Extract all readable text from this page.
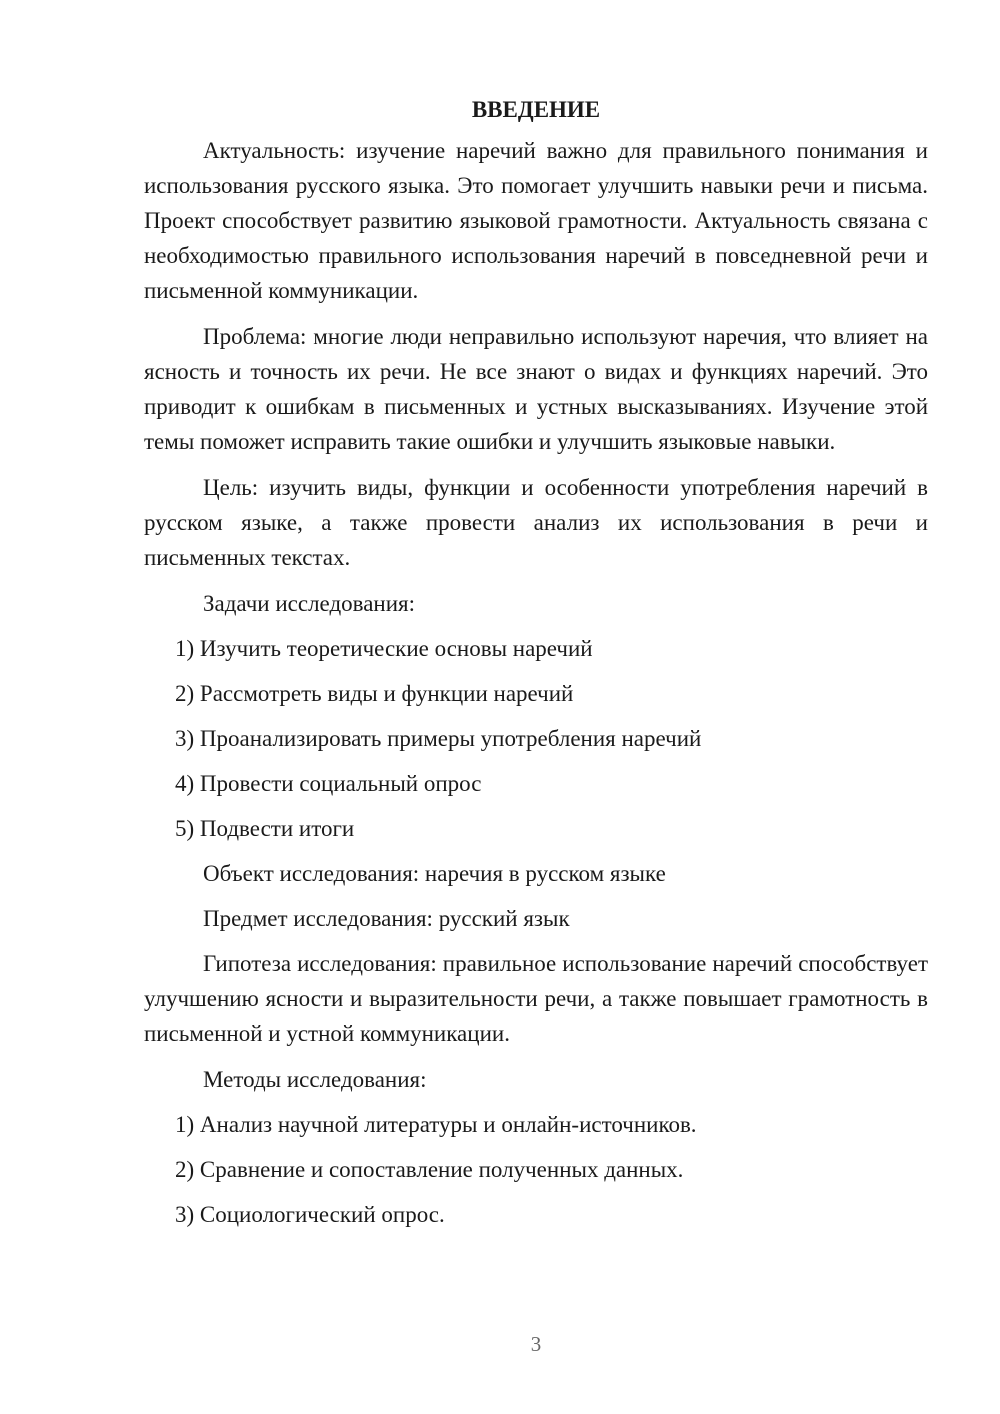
ВВЕДЕНИЕ

Актуальность: изучение наречий важно для правильного понимания и использования русского языка. Это помогает улучшить навыки речи и письма. Проект способствует развитию языковой грамотности. Актуальность связана с необходимостью правильного использования наречий в повседневной речи и письменной коммуникации.

Проблема: многие люди неправильно используют наречия, что влияет на ясность и точность их речи. Не все знают о видах и функциях наречий. Это приводит к ошибкам в письменных и устных высказываниях. Изучение этой темы поможет исправить такие ошибки и улучшить языковые навыки.

Цель: изучить виды, функции и особенности употребления наречий в русском языке, а также провести анализ их использования в речи и письменных текстах.

Задачи исследования:
1) Изучить теоретические основы наречий
2) Рассмотреть виды и функции наречий
3) Проанализировать примеры употребления наречий
4) Провести социальный опрос
5) Подвести итоги
Объект исследования: наречия в русском языке
Предмет исследования: русский язык

Гипотеза исследования: правильное использование наречий способствует улучшению ясности и выразительности речи, а также повышает грамотность в письменной и устной коммуникации.

Методы исследования:
1) Анализ научной литературы и онлайн-источников.
2) Сравнение и сопоставление полученных данных.
3) Социологический опрос.
3
